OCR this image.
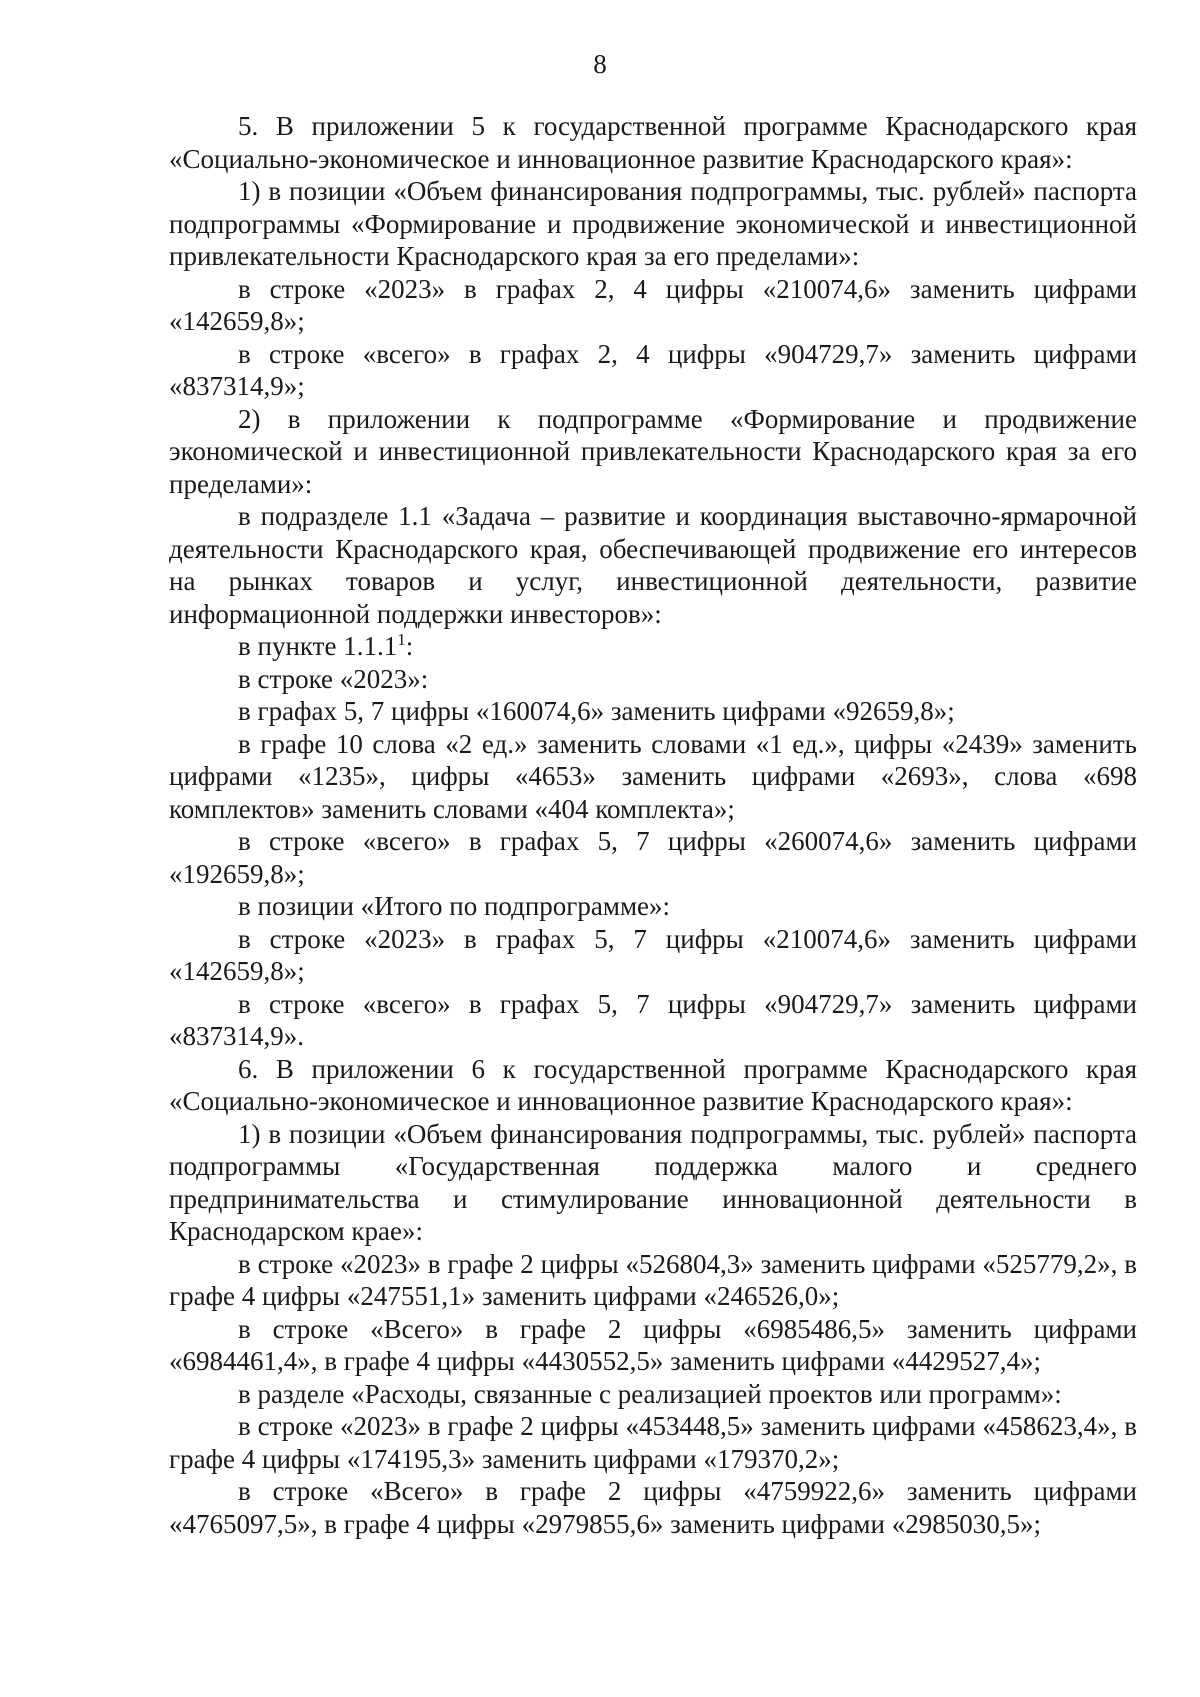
8

5. В приложении 5 к государственной программе Краснодарского края «Социально-экономическое и инновационное развитие Краснодарского края»:

1) в позиции «Объем финансирования подпрограммы, тыс. рублей» паспорта подпрограммы «Формирование и продвижение экономической и инвестиционной привлекательности Краснодарского края за его пределами»:

в строке «2023» в графах 2, 4 цифры «210074,6» заменить цифрами «142659,8»;

в строке «всего» в графах 2, 4 цифры «904729,7» заменить цифрами «837314,9»;

2) в приложении к подпрограмме «Формирование и продвижение экономической и инвестиционной привлекательности Краснодарского края за его пределами»:

в подразделе 1.1 «Задача – развитие и координация выставочно-ярмарочной деятельности Краснодарского края, обеспечивающей продвижение его интересов на рынках товаров и услуг, инвестиционной деятельности, развитие информационной поддержки инвесторов»:

в пункте 1.1.1$^1$:

в строке «2023»:

в графах 5, 7 цифры «160074,6» заменить цифрами «92659,8»;

в графе 10 слова «2 ед.» заменить словами «1 ед.», цифры «2439» заменить цифрами «1235», цифры «4653» заменить цифрами «2693», слова «698 комплектов» заменить словами «404 комплекта»;

в строке «всего» в графах 5, 7 цифры «260074,6» заменить цифрами «192659,8»;

в позиции «Итого по подпрограмме»:

в строке «2023» в графах 5, 7 цифры «210074,6» заменить цифрами «142659,8»;

в строке «всего» в графах 5, 7 цифры «904729,7» заменить цифрами «837314,9».

6. В приложении 6 к государственной программе Краснодарского края «Социально-экономическое и инновационное развитие Краснодарского края»:

1) в позиции «Объем финансирования подпрограммы, тыс. рублей» паспорта подпрограммы «Государственная поддержка малого и среднего предпринимательства и стимулирование инновационной деятельности в Краснодарском крае»:

в строке «2023» в графе 2 цифры «526804,3» заменить цифрами «525779,2», в графе 4 цифры «247551,1» заменить цифрами «246526,0»;

в строке «Всего» в графе 2 цифры «6985486,5» заменить цифрами «6984461,4», в графе 4 цифры «4430552,5» заменить цифрами «4429527,4»;

в разделе «Расходы, связанные с реализацией проектов или программ»:

в строке «2023» в графе 2 цифры «453448,5» заменить цифрами «458623,4», в графе 4 цифры «174195,3» заменить цифрами «179370,2»;

в строке «Всего» в графе 2 цифры «4759922,6» заменить цифрами «4765097,5», в графе 4 цифры «2979855,6» заменить цифрами «2985030,5»;
